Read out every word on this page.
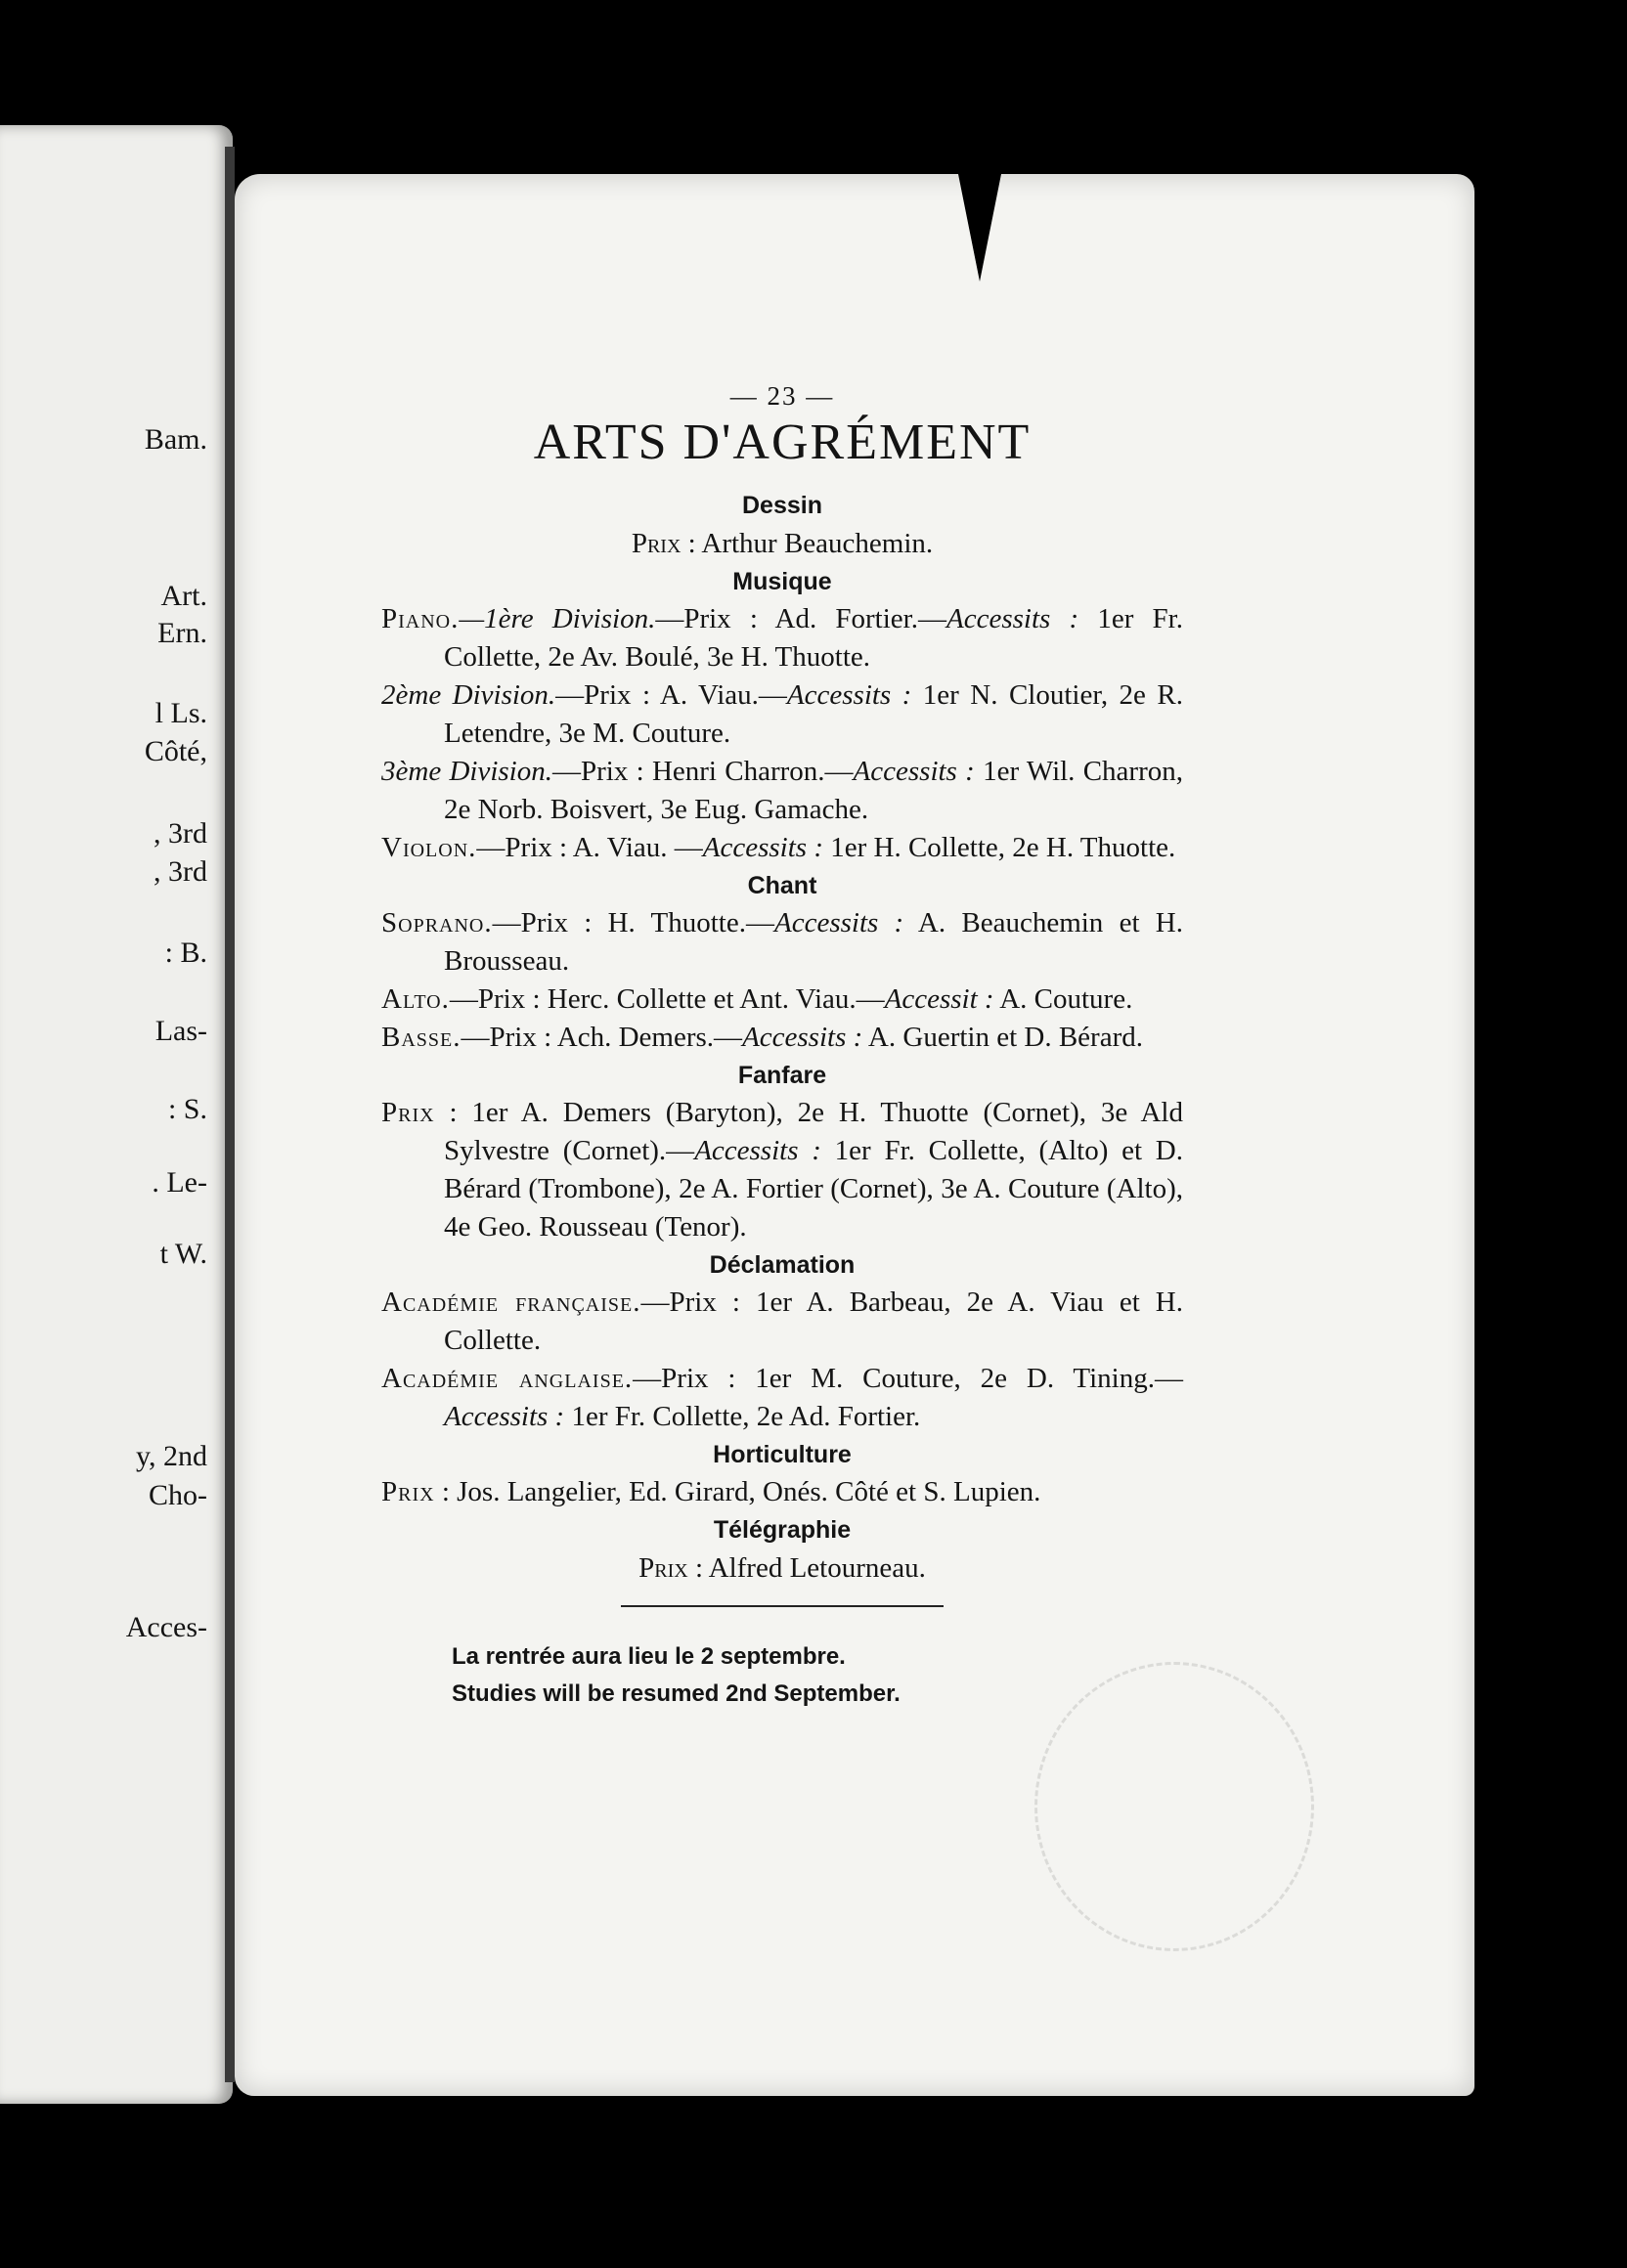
Bam.

Art.

Ern.

l Ls.

Côté,

, 3rd

, 3rd

: B.

Las-

: S.

. Le-

t W.

y, 2nd

Cho-

Acces-

— 23 —

ARTS D'AGRÉMENT

Dessin

Prix : Arthur Beauchemin.

Musique

Piano.—1ère Division.—Prix : Ad. Fortier.—Accessits : 1er Fr. Collette, 2e Av. Boulé, 3e H. Thuotte.

2ème Division.—Prix : A. Viau.—Accessits : 1er N. Cloutier, 2e R. Letendre, 3e M. Couture.

3ème Division.—Prix : Henri Charron.—Accessits : 1er Wil. Charron, 2e Norb. Boisvert, 3e Eug. Gamache.

Violon.—Prix : A. Viau. —Accessits : 1er H. Collette, 2e H. Thuotte.

Chant

Soprano.—Prix : H. Thuotte.—Accessits : A. Beauchemin et H. Brousseau.

Alto.—Prix : Herc. Collette et Ant. Viau.—Accessit : A. Couture.

Basse.—Prix : Ach. Demers.—Accessits : A. Guertin et D. Bérard.

Fanfare

Prix : 1er A. Demers (Baryton), 2e H. Thuotte (Cornet), 3e Ald Sylvestre (Cornet).—Accessits : 1er Fr. Collette, (Alto) et D. Bérard (Trombone), 2e A. Fortier (Cornet), 3e A. Couture (Alto), 4e Geo. Rousseau (Tenor).

Déclamation

Académie française.—Prix : 1er A. Barbeau, 2e A. Viau et H. Collette.

Académie anglaise.—Prix : 1er M. Couture, 2e D. Tining.—Accessits : 1er Fr. Collette, 2e Ad. Fortier.

Horticulture

Prix : Jos. Langelier, Ed. Girard, Onés. Côté et S. Lupien.

Télégraphie

Prix : Alfred Letourneau.

La rentrée aura lieu le 2 septembre.

Studies will be resumed 2nd September.
